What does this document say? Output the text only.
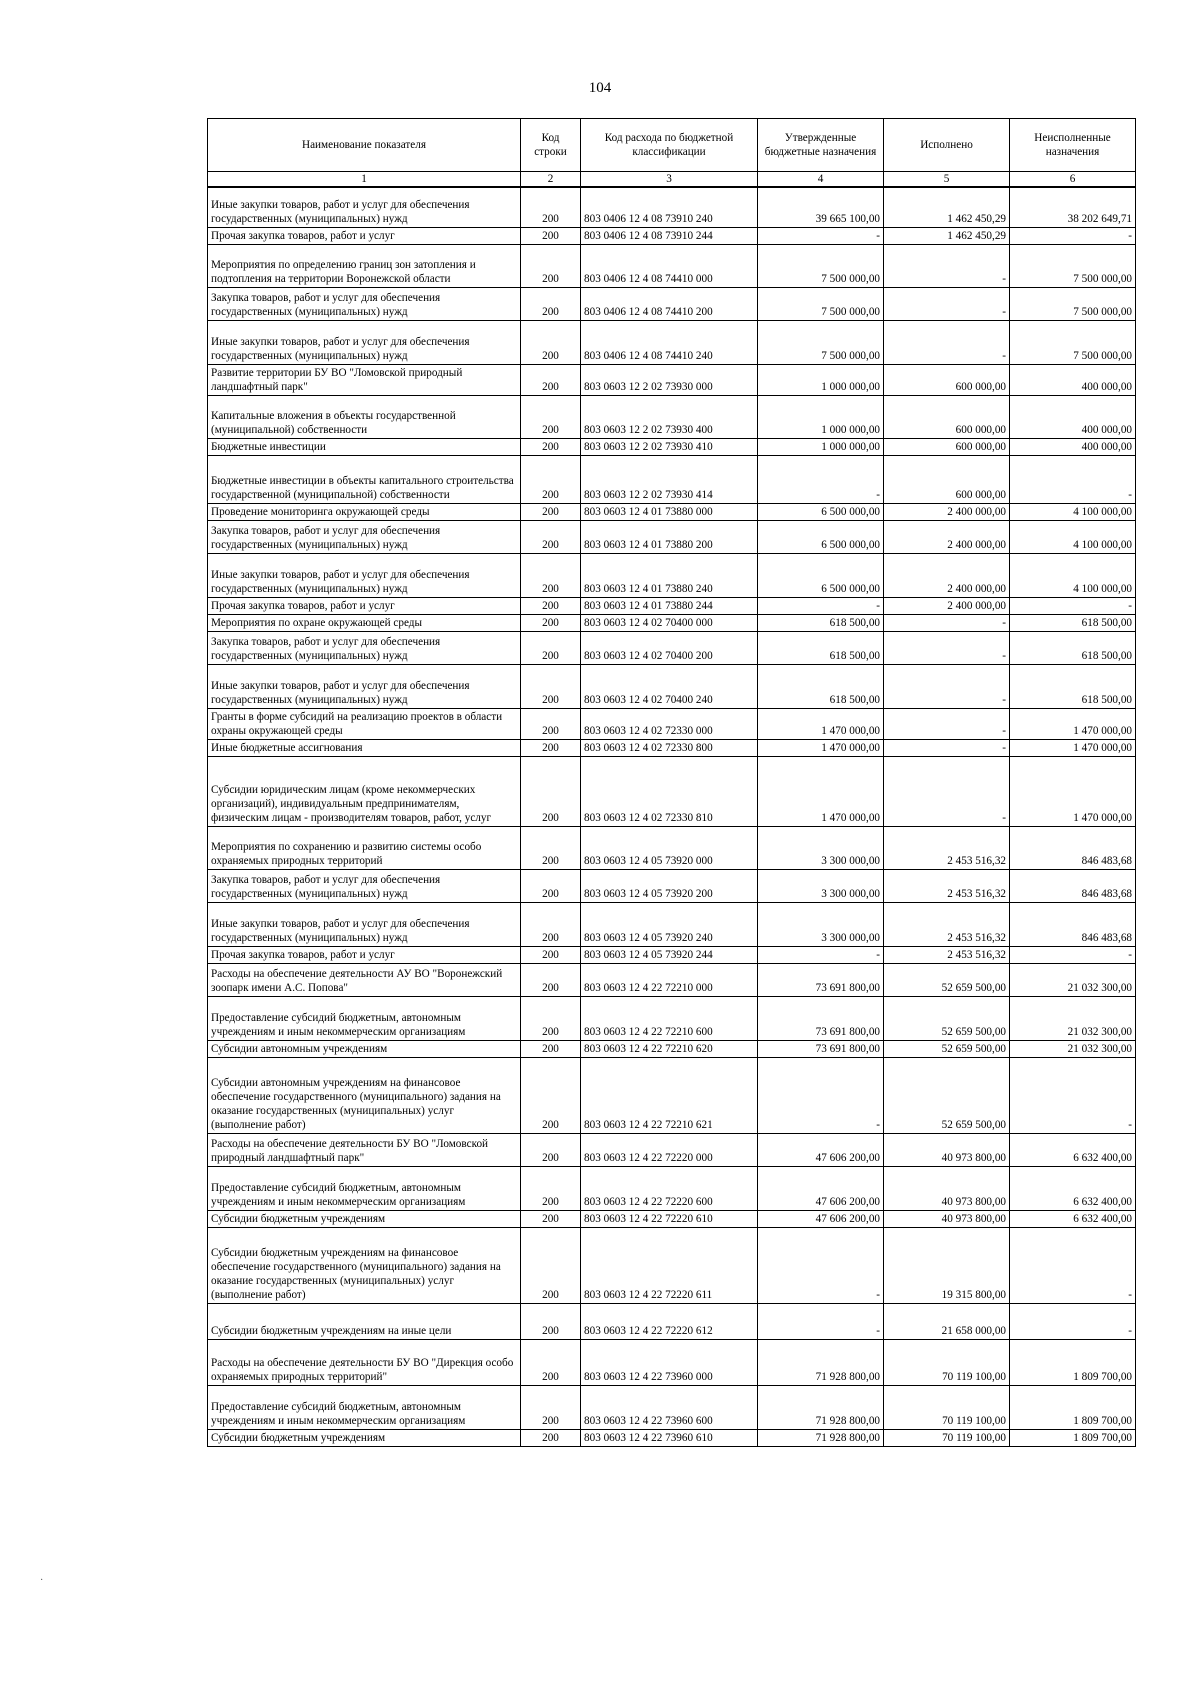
104
Наименование показателя	Код строки	Код расхода по бюджетной классификации	Утвержденные бюджетные назначения	Исполнено	Неисполненные назначения
1	2	3	4	5	6
Иные закупки товаров, работ и услуг для обеспечения государственных (муниципальных) нужд	200	803 0406 12 4 08 73910 240	39 665 100,00	1 462 450,29	38 202 649,71
Прочая закупка товаров, работ и услуг	200	803 0406 12 4 08 73910 244	-	1 462 450,29	-
Мероприятия по определению границ зон затопления и подтопления на территории Воронежской области	200	803 0406 12 4 08 74410 000	7 500 000,00	-	7 500 000,00
Закупка товаров, работ и услуг для обеспечения государственных (муниципальных) нужд	200	803 0406 12 4 08 74410 200	7 500 000,00	-	7 500 000,00
Иные закупки товаров, работ и услуг для обеспечения государственных (муниципальных) нужд	200	803 0406 12 4 08 74410 240	7 500 000,00	-	7 500 000,00
Развитие территории БУ ВО "Ломовской природный ландшафтный парк"	200	803 0603 12 2 02 73930 000	1 000 000,00	600 000,00	400 000,00
Капитальные вложения в объекты государственной (муниципальной) собственности	200	803 0603 12 2 02 73930 400	1 000 000,00	600 000,00	400 000,00
Бюджетные инвестиции	200	803 0603 12 2 02 73930 410	1 000 000,00	600 000,00	400 000,00
Бюджетные инвестиции в объекты капитального строительства государственной (муниципальной) собственности	200	803 0603 12 2 02 73930 414	-	600 000,00	-
Проведение мониторинга окружающей среды	200	803 0603 12 4 01 73880 000	6 500 000,00	2 400 000,00	4 100 000,00
Закупка товаров, работ и услуг для обеспечения государственных (муниципальных) нужд	200	803 0603 12 4 01 73880 200	6 500 000,00	2 400 000,00	4 100 000,00
Иные закупки товаров, работ и услуг для обеспечения государственных (муниципальных) нужд	200	803 0603 12 4 01 73880 240	6 500 000,00	2 400 000,00	4 100 000,00
Прочая закупка товаров, работ и услуг	200	803 0603 12 4 01 73880 244	-	2 400 000,00	-
Мероприятия по охране окружающей среды	200	803 0603 12 4 02 70400 000	618 500,00	-	618 500,00
Закупка товаров, работ и услуг для обеспечения государственных (муниципальных) нужд	200	803 0603 12 4 02 70400 200	618 500,00	-	618 500,00
Иные закупки товаров, работ и услуг для обеспечения государственных (муниципальных) нужд	200	803 0603 12 4 02 70400 240	618 500,00	-	618 500,00
Гранты в форме субсидий на реализацию проектов в области охраны окружающей среды	200	803 0603 12 4 02 72330 000	1 470 000,00	-	1 470 000,00
Иные бюджетные ассигнования	200	803 0603 12 4 02 72330 800	1 470 000,00	-	1 470 000,00
Субсидии юридическим лицам (кроме некоммерческих организаций), индивидуальным предпринимателям, физическим лицам - производителям товаров, работ, услуг	200	803 0603 12 4 02 72330 810	1 470 000,00	-	1 470 000,00
Мероприятия по сохранению и развитию системы особо охраняемых природных территорий	200	803 0603 12 4 05 73920 000	3 300 000,00	2 453 516,32	846 483,68
Закупка товаров, работ и услуг для обеспечения государственных (муниципальных) нужд	200	803 0603 12 4 05 73920 200	3 300 000,00	2 453 516,32	846 483,68
Иные закупки товаров, работ и услуг для обеспечения государственных (муниципальных) нужд	200	803 0603 12 4 05 73920 240	3 300 000,00	2 453 516,32	846 483,68
Прочая закупка товаров, работ и услуг	200	803 0603 12 4 05 73920 244	-	2 453 516,32	-
Расходы на обеспечение деятельности АУ ВО "Воронежский зоопарк имени А.С. Попова"	200	803 0603 12 4 22 72210 000	73 691 800,00	52 659 500,00	21 032 300,00
Предоставление субсидий бюджетным, автономным учреждениям и иным некоммерческим организациям	200	803 0603 12 4 22 72210 600	73 691 800,00	52 659 500,00	21 032 300,00
Субсидии автономным учреждениям	200	803 0603 12 4 22 72210 620	73 691 800,00	52 659 500,00	21 032 300,00
Субсидии автономным учреждениям на финансовое обеспечение государственного (муниципального) задания на оказание государственных (муниципальных) услуг (выполнение работ)	200	803 0603 12 4 22 72210 621	-	52 659 500,00	-
Расходы на обеспечение деятельности БУ ВО "Ломовской природный ландшафтный парк"	200	803 0603 12 4 22 72220 000	47 606 200,00	40 973 800,00	6 632 400,00
Предоставление субсидий бюджетным, автономным учреждениям и иным некоммерческим организациям	200	803 0603 12 4 22 72220 600	47 606 200,00	40 973 800,00	6 632 400,00
Субсидии бюджетным учреждениям	200	803 0603 12 4 22 72220 610	47 606 200,00	40 973 800,00	6 632 400,00
Субсидии бюджетным учреждениям на финансовое обеспечение государственного (муниципального) задания на оказание государственных (муниципальных) услуг (выполнение работ)	200	803 0603 12 4 22 72220 611	-	19 315 800,00	-
Субсидии бюджетным учреждениям на иные цели	200	803 0603 12 4 22 72220 612	-	21 658 000,00	-
Расходы на обеспечение деятельности БУ ВО "Дирекция особо охраняемых природных территорий"	200	803 0603 12 4 22 73960 000	71 928 800,00	70 119 100,00	1 809 700,00
Предоставление субсидий бюджетным, автономным учреждениям и иным некоммерческим организациям	200	803 0603 12 4 22 73960 600	71 928 800,00	70 119 100,00	1 809 700,00
Субсидии бюджетным учреждениям	200	803 0603 12 4 22 73960 610	71 928 800,00	70 119 100,00	1 809 700,00
·
